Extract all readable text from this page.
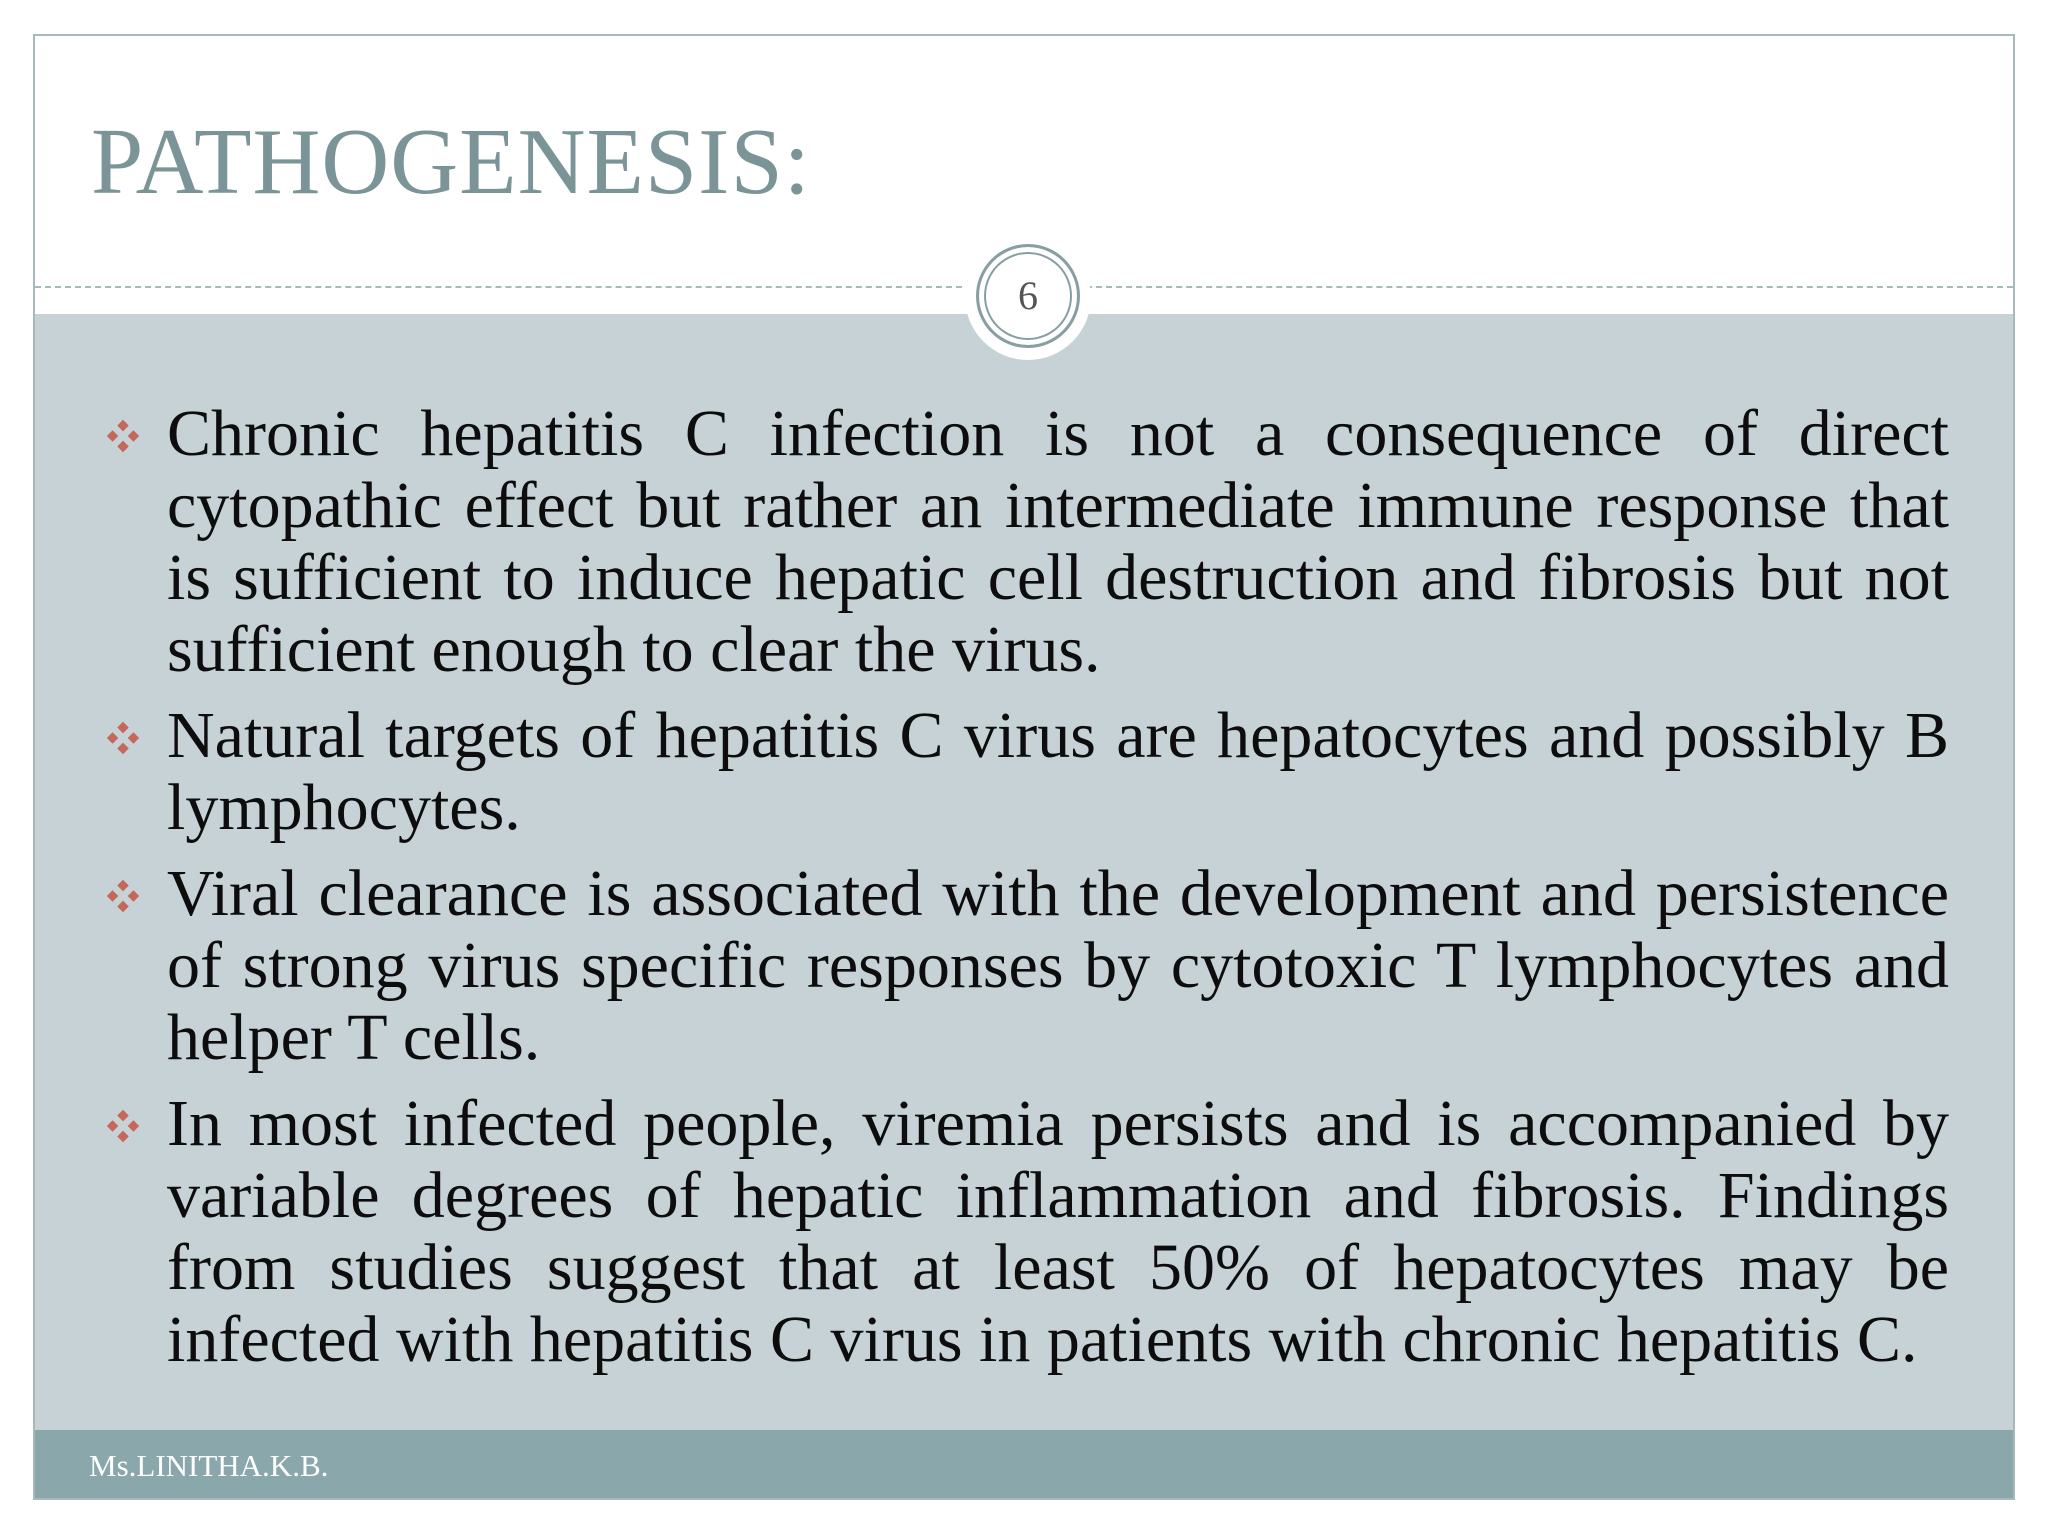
PATHOGENESIS:
6
Chronic hepatitis C infection is not a consequence of direct cytopathic effect but rather an intermediate immune response that is sufficient to induce hepatic cell destruction and fibrosis but not sufficient enough to clear the virus.
Natural targets of hepatitis C virus are hepatocytes and possibly B lymphocytes.
Viral clearance is associated with the development and persistence of strong virus specific responses by cytotoxic T lymphocytes and helper T cells.
In most infected people, viremia persists and is accompanied by variable degrees of hepatic inflammation and fibrosis. Findings from studies suggest that at least 50% of hepatocytes may be infected with hepatitis C virus in patients with chronic hepatitis C.
Ms.LINITHA.K.B.
